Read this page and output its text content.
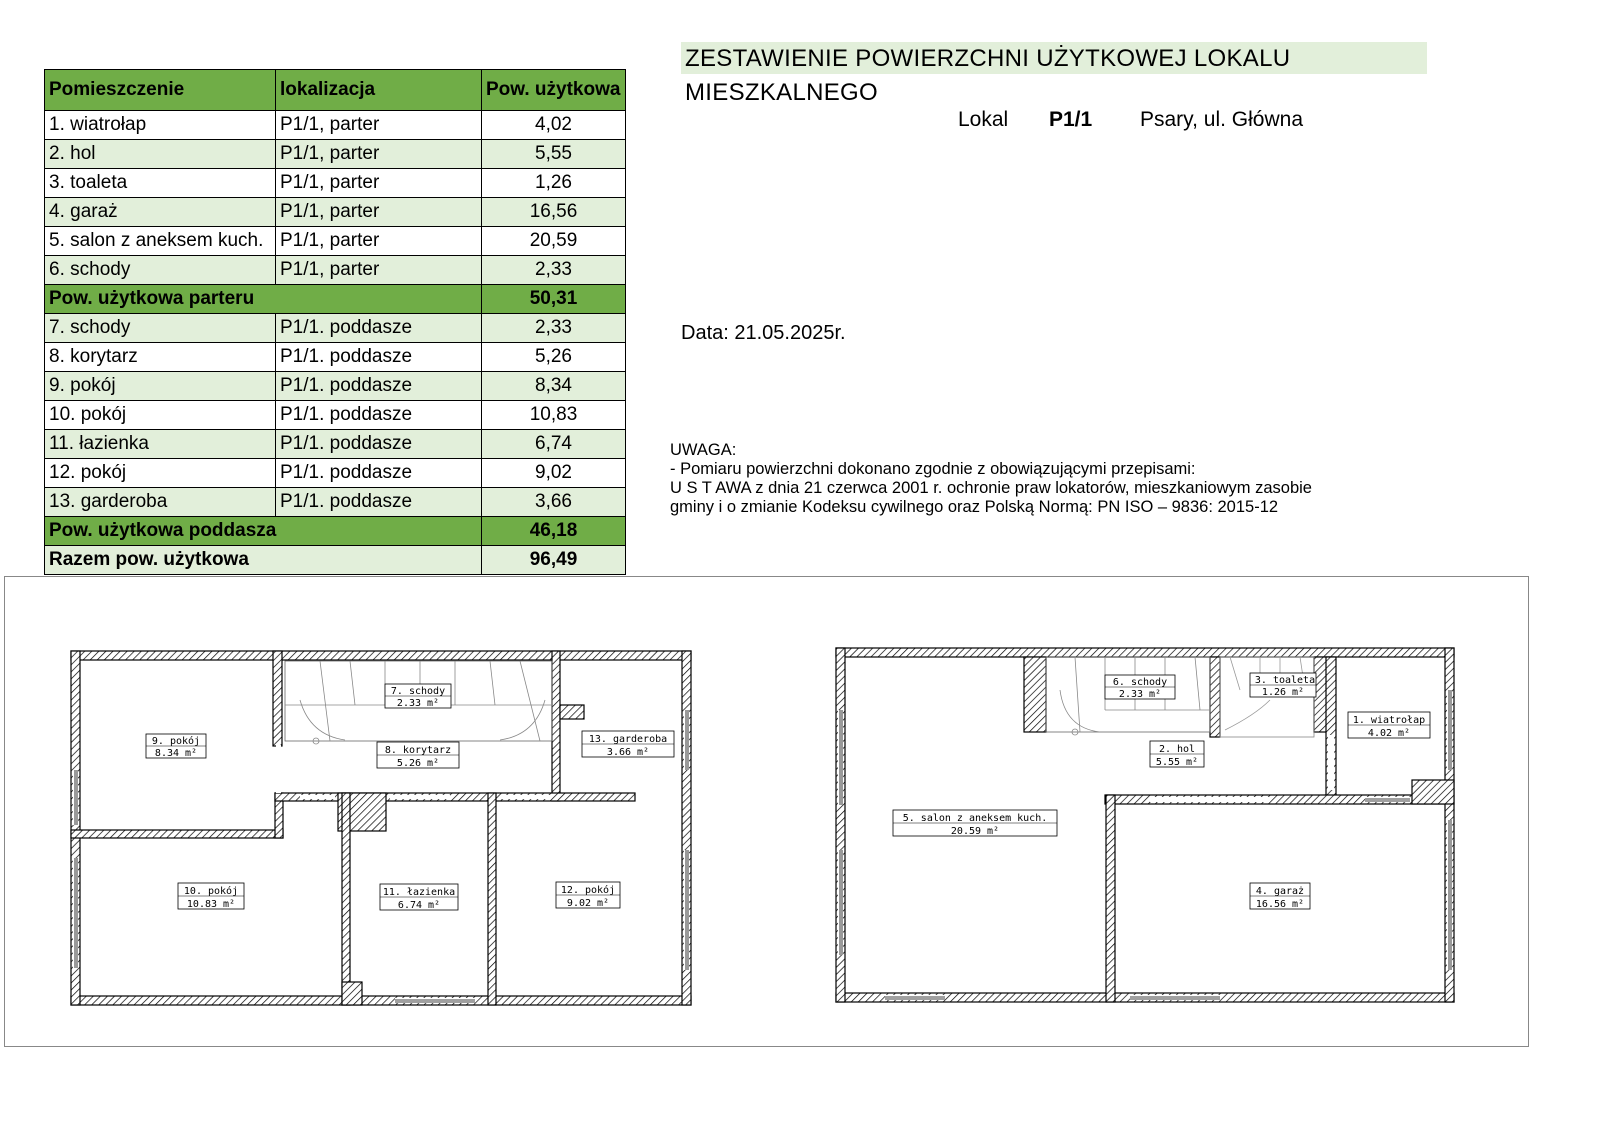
Pomieszczenie	lokalizacja	Pow. użytkowa
1. wiatrołap	P1/1, parter	4,02
2. hol	P1/1, parter	5,55
3. toaleta	P1/1, parter	1,26
4. garaż	P1/1, parter	16,56
5. salon z aneksem kuch.	P1/1, parter	20,59
6. schody	P1/1, parter	2,33
Pow. użytkowa parteru		50,31
7. schody	P1/1. poddasze	2,33
8. korytarz	P1/1. poddasze	5,26
9. pokój	P1/1. poddasze	8,34
10. pokój	P1/1. poddasze	10,83
11. łazienka	P1/1. poddasze	6,74
12. pokój	P1/1. poddasze	9,02
13. garderoba	P1/1. poddasze	3,66
Pow. użytkowa poddasza		46,18
Razem pow. użytkowa		96,49
ZESTAWIENIE POWIERZCHNI UŻYTKOWEJ LOKALU MIESZKALNEGO
Lokal P1/1 Psary, ul. Główna
Data: 21.05.2025r.
UWAGA:
- Pomiaru powierzchni dokonano zgodnie z obowiązującymi przepisami:
U S T AWA z dnia 21 czerwca 2001 r. ochronie praw lokatorów, mieszkaniowym zasobie
gminy i o zmianie Kodeksu cywilnego oraz Polską Normą: PN ISO – 9836: 2015-12
7. schody
2.33 m²
8. korytarz
5.26 m²
9. pokój
8.34 m²
10. pokój
10.83 m²
11. łazienka
6.74 m²
12. pokój
9.02 m²
13. garderoba
3.66 m²
6. schody
2.33 m²
3. toaleta
1.26 m²
1. wiatrołap
4.02 m²
2. hol
5.55 m²
5. salon z aneksem kuch.
20.59 m²
4. garaż
16.56 m²
